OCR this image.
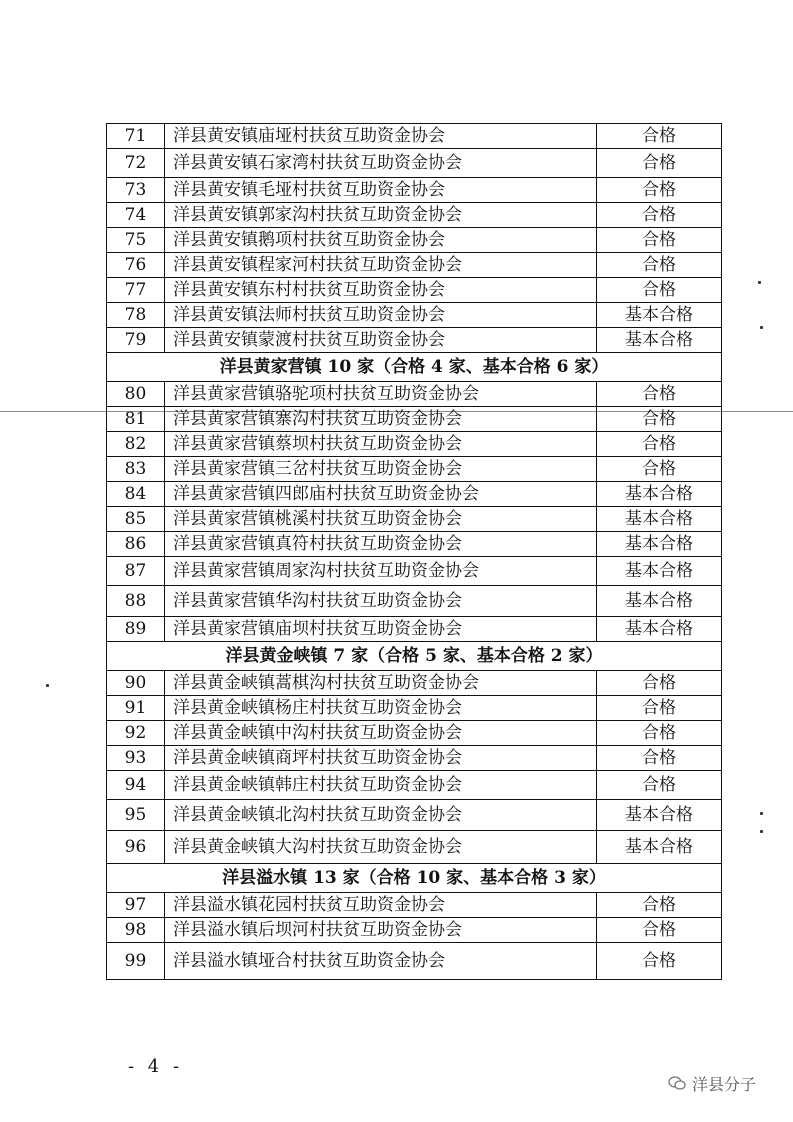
71	洋县黄安镇庙垭村扶贫互助资金协会	合格
72	洋县黄安镇石家湾村扶贫互助资金协会	合格
73	洋县黄安镇毛垭村扶贫互助资金协会	合格
74	洋县黄安镇郭家沟村扶贫互助资金协会	合格
75	洋县黄安镇鹅项村扶贫互助资金协会	合格
76	洋县黄安镇程家河村扶贫互助资金协会	合格
77	洋县黄安镇东村村扶贫互助资金协会	合格
78	洋县黄安镇法师村扶贫互助资金协会	基本合格
79	洋县黄安镇蒙渡村扶贫互助资金协会	基本合格
洋县黄家营镇 10 家（合格 4 家、基本合格 6 家）		
80	洋县黄家营镇骆驼项村扶贫互助资金协会	合格
81	洋县黄家营镇寨沟村扶贫互助资金协会	合格
82	洋县黄家营镇蔡坝村扶贫互助资金协会	合格
83	洋县黄家营镇三岔村扶贫互助资金协会	合格
84	洋县黄家营镇四郎庙村扶贫互助资金协会	基本合格
85	洋县黄家营镇桃溪村扶贫互助资金协会	基本合格
86	洋县黄家营镇真符村扶贫互助资金协会	基本合格
87	洋县黄家营镇周家沟村扶贫互助资金协会	基本合格
88	洋县黄家营镇华沟村扶贫互助资金协会	基本合格
89	洋县黄家营镇庙坝村扶贫互助资金协会	基本合格
洋县黄金峡镇 7 家（合格 5 家、基本合格 2 家）		
90	洋县黄金峡镇蒿棋沟村扶贫互助资金协会	合格
91	洋县黄金峡镇杨庄村扶贫互助资金协会	合格
92	洋县黄金峡镇中沟村扶贫互助资金协会	合格
93	洋县黄金峡镇商坪村扶贫互助资金协会	合格
94	洋县黄金峡镇韩庄村扶贫互助资金协会	合格
95	洋县黄金峡镇北沟村扶贫互助资金协会	基本合格
96	洋县黄金峡镇大沟村扶贫互助资金协会	基本合格
洋县溢水镇 13 家（合格 10 家、基本合格 3 家）		
97	洋县溢水镇花园村扶贫互助资金协会	合格
98	洋县溢水镇后坝河村扶贫互助资金协会	合格
99	洋县溢水镇垭合村扶贫互助资金协会	合格
- 4 -
洋县分子
